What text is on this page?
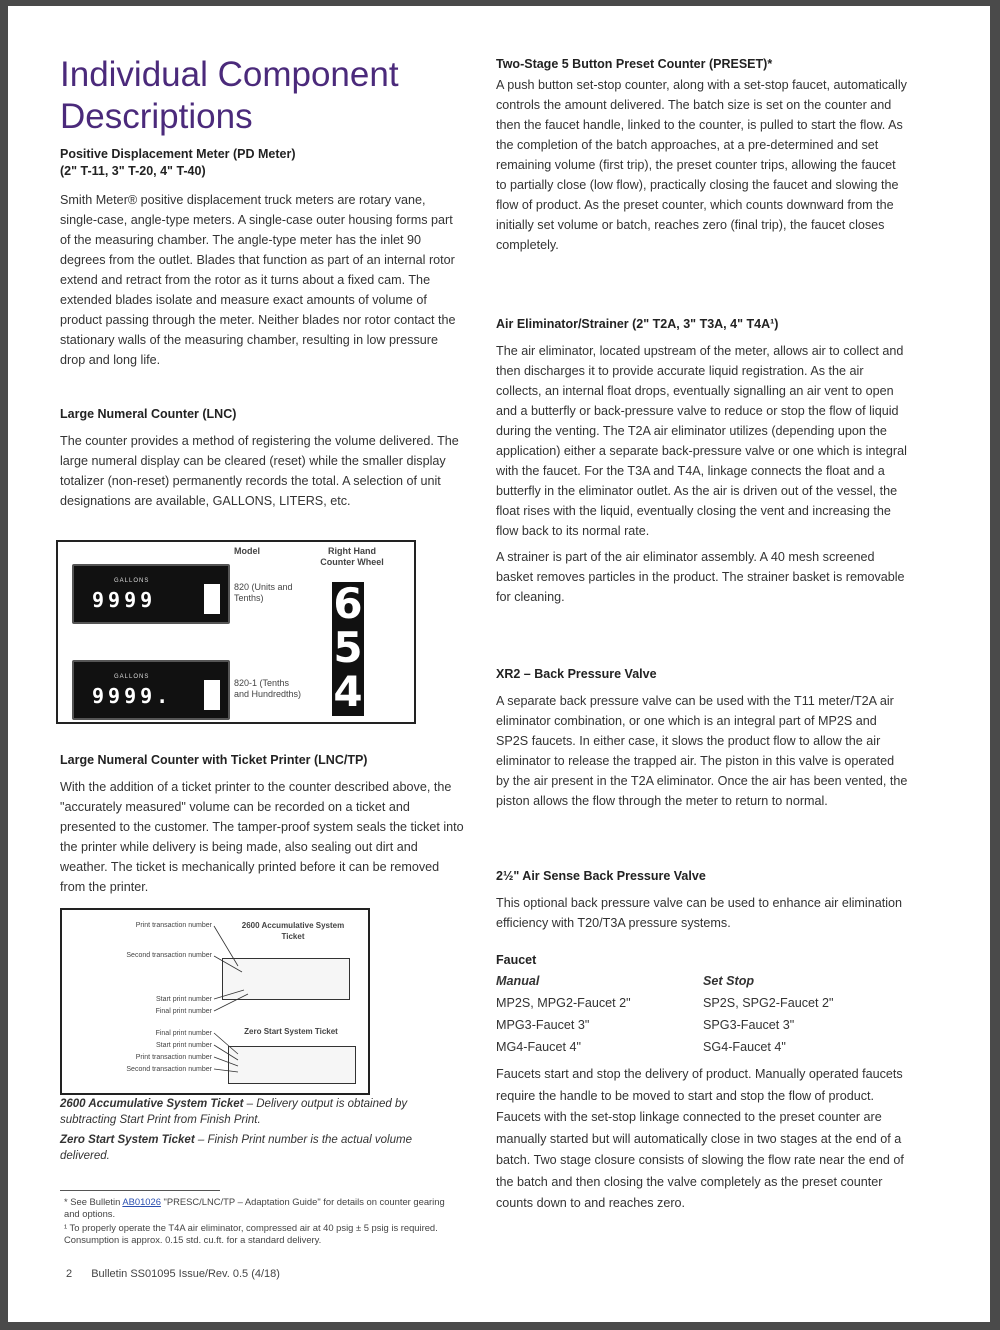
Individual Component Descriptions

Positive Displacement Meter (PD Meter)

(2" T-11, 3" T-20, 4" T-40)

Smith Meter® positive displacement truck meters are rotary vane, single-case, angle-type meters. A single-case outer housing forms part of the measuring chamber. The angle-type meter has the inlet 90 degrees from the outlet. Blades that function as part of an internal rotor extend and retract from the rotor as it turns about a fixed cam. The extended blades isolate and measure exact amounts of volume of product passing through the meter. Neither blades nor rotor contact the stationary walls of the measuring chamber, resulting in low pressure drop and long life.

Large Numeral Counter (LNC)

The counter provides a method of registering the volume delivered. The large numeral display can be cleared (reset) while the smaller display totalizer (non-reset) permanently records the total. A selection of unit designations are available, GALLONS, LITERS, etc.

Model	Right Hand Counter Wheel
GALLONS
9999
820 (Units and Tenths)
GALLONS
9999.
820-1 (Tenths and Hundredths)
6
5
4

Large Numeral Counter with Ticket Printer (LNC/TP)

With the addition of a ticket printer to the counter described above, the "accurately measured" volume can be recorded on a ticket and presented to the customer. The tamper-proof system seals the ticket into the printer while delivery is being made, also sealing out dirt and weather. The ticket is mechanically printed before it can be removed from the printer.

2600 Accumulative System Ticket
Print transaction number
Second transaction number
Start print number
Final print number
Zero Start System Ticket
Final print number
Start print number
Print transaction number
Second transaction number

2600 Accumulative System Ticket – Delivery output is obtained by subtracting Start Print from Finish Print.

Zero Start System Ticket – Finish Print number is the actual volume delivered.

* See Bulletin AB01026 "PRESC/LNC/TP – Adaptation Guide" for details on counter gearing and options.

¹ To properly operate the T4A air eliminator, compressed air at 40 psig ± 5 psig is required. Consumption is approx. 0.15 std. cu.ft. for a standard delivery.

2 Bulletin SS01095 Issue/Rev. 0.5 (4/18)

Two-Stage 5 Button Preset Counter (PRESET)*

A push button set-stop counter, along with a set-stop faucet, automatically controls the amount delivered. The batch size is set on the counter and then the faucet handle, linked to the counter, is pulled to start the flow. As the completion of the batch approaches, at a pre-determined and set remaining volume (first trip), the preset counter trips, allowing the faucet to partially close (low flow), practically closing the faucet and slowing the flow of product. As the preset counter, which counts downward from the initially set volume or batch, reaches zero (final trip), the faucet closes completely.

Air Eliminator/Strainer (2" T2A, 3" T3A, 4" T4A¹)

The air eliminator, located upstream of the meter, allows air to collect and then discharges it to provide accurate liquid registration. As the air collects, an internal float drops, eventually signalling an air vent to open and a butterfly or back-pressure valve to reduce or stop the flow of liquid during the venting. The T2A air eliminator utilizes (depending upon the application) either a separate back-pressure valve or one which is integral with the faucet. For the T3A and T4A, linkage connects the float and a butterfly in the eliminator outlet. As the air is driven out of the vessel, the float rises with the liquid, eventually closing the vent and increasing the flow back to its normal rate.

A strainer is part of the air eliminator assembly. A 40 mesh screened basket removes particles in the product. The strainer basket is removable for cleaning.

XR2 – Back Pressure Valve

A separate back pressure valve can be used with the T11 meter/T2A air eliminator combination, or one which is an integral part of MP2S and SP2S faucets. In either case, it slows the product flow to allow the air eliminator to release the trapped air. The piston in this valve is operated by the air present in the T2A eliminator. Once the air has been vented, the piston allows the flow through the meter to return to normal.

2½" Air Sense Back Pressure Valve

This optional back pressure valve can be used to enhance air elimination efficiency with T20/T3A pressure systems.

Faucet

Manual
MP2S, MPG2-Faucet 2"
MPG3-Faucet 3"
MG4-Faucet 4"
Set Stop
SP2S, SPG2-Faucet 2"
SPG3-Faucet 3"
SG4-Faucet 4"

Faucets start and stop the delivery of product. Manually operated faucets require the handle to be moved to start and stop the flow of product. Faucets with the set-stop linkage connected to the preset counter are manually started but will automatically close in two stages at the end of a batch. Two stage closure consists of slowing the flow rate near the end of the batch and then closing the valve completely as the preset counter counts down to and reaches zero.
